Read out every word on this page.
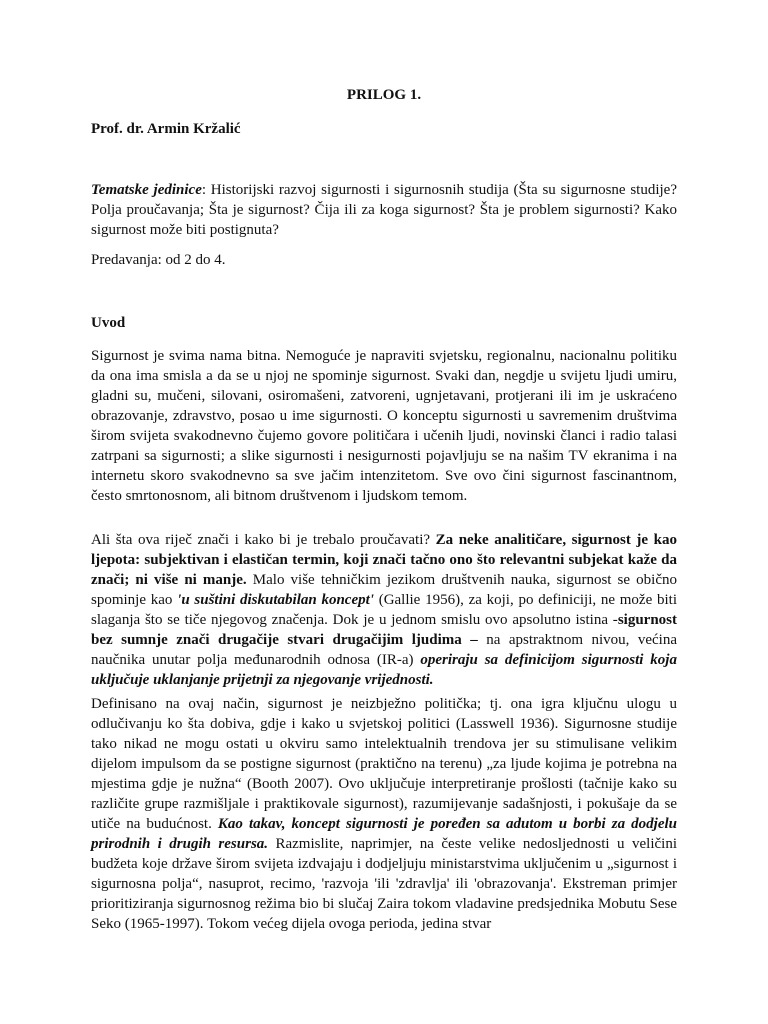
PRILOG 1.
Prof. dr. Armin Kržalić

Tematske jedinice: Historijski razvoj sigurnosti i sigurnosnih studija (Šta su sigurnosne studije? Polja proučavanja; Šta je sigurnost? Čija ili za koga sigurnost? Šta je problem sigurnosti? Kako sigurnost može biti postignuta?

Predavanja: od 2 do 4.

Uvod

Sigurnost je svima nama bitna. Nemoguće je napraviti svjetsku, regionalnu, nacionalnu politiku da ona ima smisla a da se u njoj ne spominje sigurnost. Svaki dan, negdje u svijetu ljudi umiru, gladni su, mučeni, silovani, osiromašeni, zatvoreni, ugnjetavani, protjerani ili im je uskraćeno obrazovanje, zdravstvo, posao u ime sigurnosti. O konceptu sigurnosti u savremenim društvima širom svijeta svakodnevno čujemo govore političara i učenih ljudi, novinski članci i radio talasi zatrpani sa sigurnosti; a slike sigurnosti i nesigurnosti pojavljuju se na našim TV ekranima i na internetu skoro svakodnevno sa sve jačim intenzitetom. Sve ovo čini sigurnost fascinantnom, često smrtonosnom, ali bitnom društvenom i ljudskom temom.

Ali šta ova riječ znači i kako bi je trebalo proučavati? Za neke analitičare, sigurnost je kao ljepota: subjektivan i elastičan termin, koji znači tačno ono što relevantni subjekat kaže da znači; ni više ni manje. Malo više tehničkim jezikom društvenih nauka, sigurnost se obično spominje kao 'u suštini diskutabilan koncept' (Gallie 1956), za koji, po definiciji, ne može biti slaganja što se tiče njegovog značenja. Dok je u jednom smislu ovo apsolutno istina -sigurnost bez sumnje znači drugačije stvari drugačijim ljudima – na apstraktnom nivou, većina naučnika unutar polja međunarodnih odnosa (IR-a) operiraju sa definicijom sigurnosti koja uključuje uklanjanje prijetnji za njegovanje vrijednosti.

Definisano na ovaj način, sigurnost je neizbježno politička; tj. ona igra ključnu ulogu u odlučivanju ko šta dobiva, gdje i kako u svjetskoj politici (Lasswell 1936). Sigurnosne studije tako nikad ne mogu ostati u okviru samo intelektualnih trendova jer su stimulisane velikim dijelom impulsom da se postigne sigurnost (praktično na terenu) „za ljude kojima je potrebna na mjestima gdje je nužna“ (Booth 2007). Ovo uključuje interpretiranje prošlosti (tačnije kako su različite grupe razmišljale i praktikovale sigurnost), razumijevanje sadašnjosti, i pokušaje da se utiče na budućnost. Kao takav, koncept sigurnosti je poređen sa adutom u borbi za dodjelu prirodnih i drugih resursa. Razmislite, naprimjer, na česte velike nedosljednosti u veličini budžeta koje države širom svijeta izdvajaju i dodjeljuju ministarstvima uključenim u „sigurnost i sigurnosna polja“, nasuprot, recimo, 'razvoja 'ili 'zdravlja' ili 'obrazovanja'. Ekstreman primjer prioritiziranja sigurnosnog režima bio bi slučaj Zaira tokom vladavine predsjednika Mobutu Sese Seko (1965-1997). Tokom većeg dijela ovoga perioda, jedina stvar
